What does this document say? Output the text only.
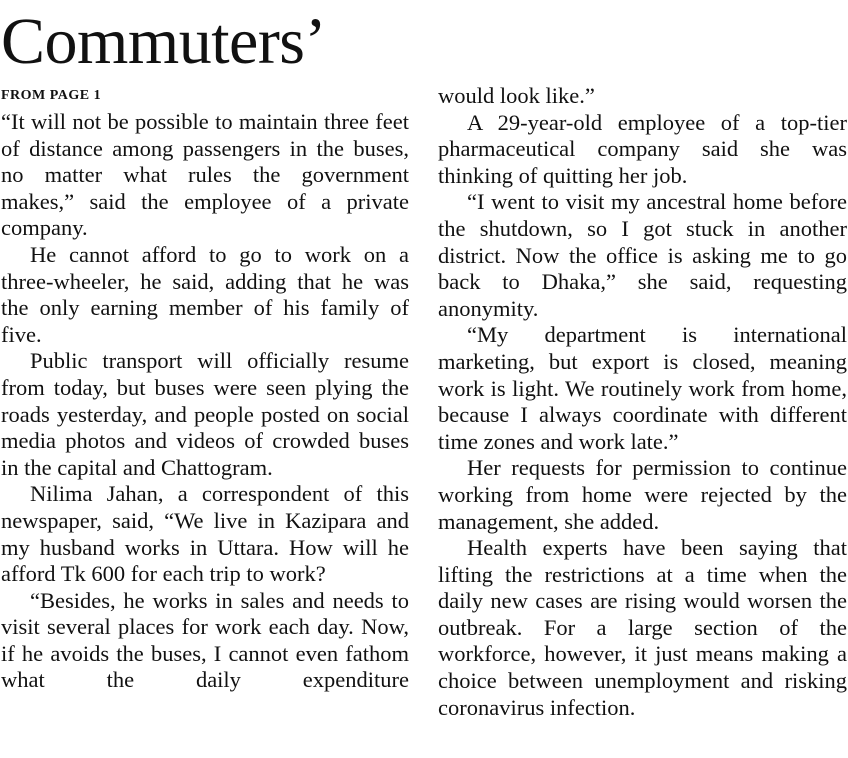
Commuters’
FROM PAGE 1

“It will not be possible to maintain three feet of distance among passengers in the buses, no matter what rules the government makes,” said the employee of a private company.

He cannot afford to go to work on a three-wheeler, he said, adding that he was the only earning member of his family of five.

Public transport will officially resume from today, but buses were seen plying the roads yesterday, and people posted on social media photos and videos of crowded buses in the capital and Chattogram.

Nilima Jahan, a correspondent of this newspaper, said, “We live in Kazipara and my husband works in Uttara. How will he afford Tk 600 for each trip to work?

“Besides, he works in sales and needs to visit several places for work each day. Now, if he avoids the buses, I cannot even fathom what the daily expenditure

would look like.”

A 29-year-old employee of a top-tier pharmaceutical company said she was thinking of quitting her job.

“I went to visit my ancestral home before the shutdown, so I got stuck in another district. Now the office is asking me to go back to Dhaka,” she said, requesting anonymity.

“My department is international marketing, but export is closed, meaning work is light. We routinely work from home, because I always coordinate with different time zones and work late.”

Her requests for permission to continue working from home were rejected by the management, she added.

Health experts have been saying that lifting the restrictions at a time when the daily new cases are rising would worsen the outbreak. For a large section of the workforce, however, it just means making a choice between unemployment and risking coronavirus infection.
